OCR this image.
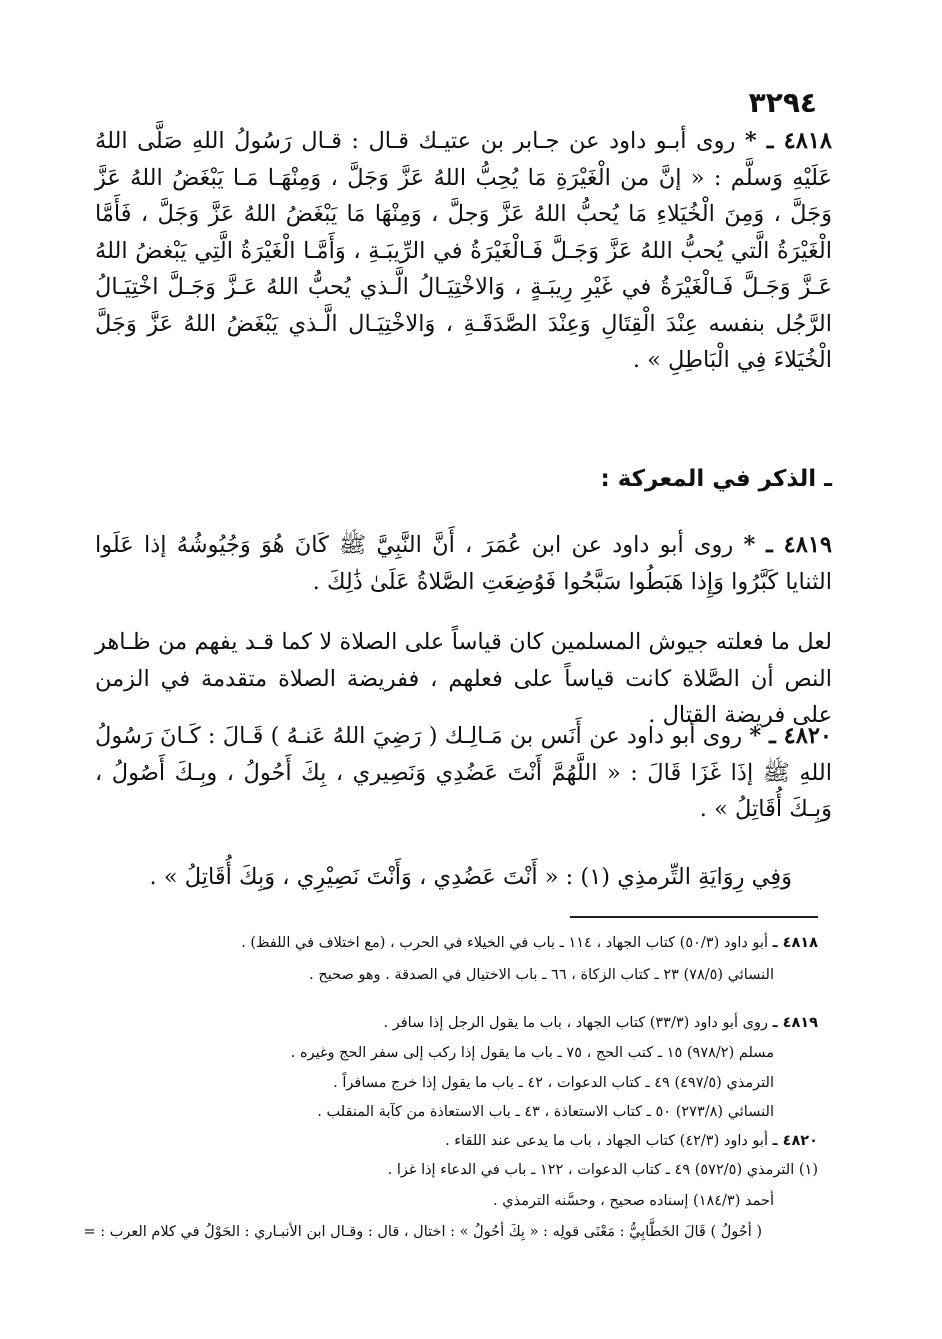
٣٢٩٤

٤٨١٨ ـ * روى أبـو داود عن جـابر بن عتيـك قـال : قـال رَسُولُ اللهِ صَلَّى اللهُ عَلَيْهِ وَسلَّم : « إنَّ من الْغَيْرَةِ مَا يُحِبُّ اللهُ عَزَّ وَجَلَّ ، وَمِنْهَـا مَـا يَبْغَضُ اللهُ عَزَّ وَجَلَّ ، وَمِنَ الْخُيَلاءِ مَا يُحبُّ اللهُ عَزَّ وَجلَّ ، وَمِنْهَا مَا يَبْغَضُ اللهُ عَزَّ وَجَلَّ ، فَأَمَّا الْغَيْرَةُ الَّتي يُحبُّ اللهُ عَزَّ وَجَـلَّ فَـالْغَيْرَةُ في الرِّيبَـةِ ، وَأَمَّـا الْغَيْرَةُ الَّتِي يَبْغضُ اللهُ عَـزَّ وَجَـلَّ فَـالْغَيْرَةُ في غَيْرِ رِيبَـةٍ ، وَالاخْتِيَـالُ الَّـذي يُحبُّ اللهُ عَـزَّ وَجَـلَّ اخْتِيَـالُ الرَّجُل بنفسه عِنْدَ الْقِتَالِ وَعِنْدَ الصَّدَقَـةِ ، وَالاخْتِيَـال الَّـذي يَبْغَضُ اللهُ عَزَّ وَجَلَّ الْخُيَلاءَ فِي الْبَاطِلِ » .

ـ الذكر في المعركة :

٤٨١٩ ـ * روى أبو داود عن ابن عُمَرَ ، أَنَّ النَّبِيَّ ﷺ كَانَ هُوَ وَجُيُوشُهُ إذا عَلَوا الثنايا كَبَّرُوا وَإِذا هَبَطُوا سَبَّحُوا فَوُضِعَتِ الصَّلاةُ عَلَىٰ ذَٰلِكَ .

لعل ما فعلته جيوش المسلمين كان قياساً على الصلاة لا كما قـد يفهم من ظـاهر النص أن الصَّلاة كانت قياساً على فعلهم ، ففريضة الصلاة متقدمة في الزمن على فريضة القتال .

٤٨٢٠ ـ * روى أبو داود عن أَنَس بن مَـالِـك ( رَضِيَ اللهُ عَنـهُ ) قَـالَ : كَـانَ رَسُولُ اللهِ ﷺ إذَا غَزَا قَالَ : « اللَّهُمَّ أَنْتَ عَضُدِي وَنَصِيري ، بِكَ أَحُولُ ، وبِـكَ أَصُولُ ، وَبِـكَ أُقَاتِلُ » .

وَفِي رِوَايَةِ التِّرمذِي (١) : « أَنْتَ عَضُدِي ، وَأَنْتَ نَصِيْرِي ، وَبِكَ أُقَاتِلُ » .

٤٨١٨ ـ أبو داود (٥٠/٣) كتاب الجهاد ، ١١٤ ـ باب في الخيلاء في الحرب ، (مع اختلاف في اللفظ) .
النسائي (٧٨/٥) ٢٣ ـ كتاب الزكاة ، ٦٦ ـ باب الاختيال في الصدقة . وهو صحيح .
٤٨١٩ ـ روى أبو داود (٣٣/٣) كتاب الجهاد ، باب ما يقول الرجل إذا سافر .
مسلم (٩٧٨/٢) ١٥ ـ كتب الحج ، ٧٥ ـ باب ما يقول إذا ركب إلى سفر الحج وغيره .
الترمذي (٤٩٧/٥) ٤٩ ـ كتاب الدعوات ، ٤٢ ـ باب ما يقول إذا خرج مسافراً .
النسائي (٢٧٣/٨) ٥٠ ـ كتاب الاستعاذة ، ٤٣ ـ باب الاستعاذة من كآبة المنقلب .
٤٨٢٠ ـ أبو داود (٤٢/٣) كتاب الجهاد ، باب ما يدعى عند اللقاء .
(١) الترمذي (٥٧٢/٥) ٤٩ ـ كتاب الدعوات ، ١٢٢ ـ باب في الدعاء إذا غزا .
أحمد (١٨٤/٣) إسناده صحيح ، وحسَّنه الترمذي .
( أحُولُ ) قَالَ الخَطَّابِيُّ : مَعْنَى قولِه : « بِكَ أحُولُ » : اختال ، قال : وقـال ابن الأنبـاري : الحَوْلُ في كلام العرب : =
